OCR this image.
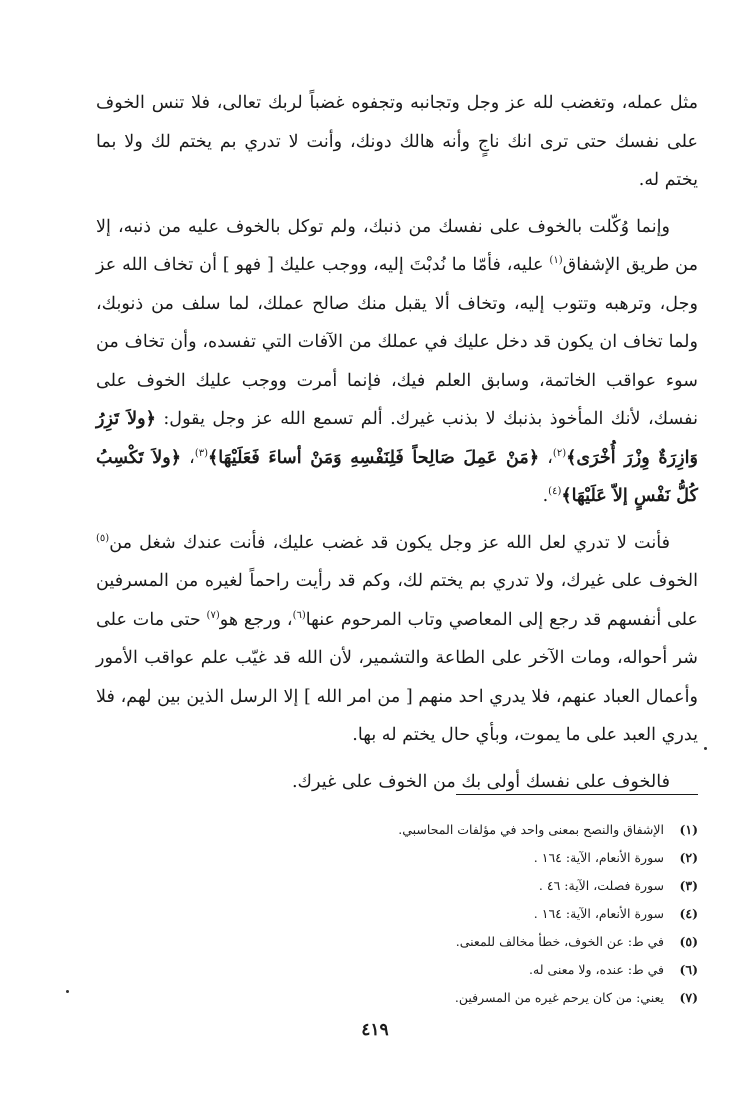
مثل عمله، وتغضب لله عز وجل وتجانبه وتجفوه غضباً لربك تعالى، فلا تنس الخوف على نفسك حتى ترى انك ناجٍ وأنه هالك دونك، وأنت لا تدري بم يختم لك ولا بما يختم له.

وإنما وُكّلت بالخوف على نفسك من ذنبك، ولم توكل بالخوف عليه من ذنبه، إلا من طريق الإشفاق$^{(١)}$ عليه، فأمّا ما نُدبْتَ إليه، ووجب عليك [ فهو ] أن تخاف الله عز وجل، وترهبه وتتوب إليه، وتخاف ألا يقبل منك صالح عملك، لما سلف من ذنوبك، ولما تخاف ان يكون قد دخل عليك في عملك من الآفات التي تفسده، وأن تخاف من سوء عواقب الخاتمة، وسابق العلم فيك، فإنما أمرت ووجب عليك الخوف على نفسك، لأنك المأخوذ بذنبك لا بذنب غيرك. ألم تسمع الله عز وجل يقول: ﴿ولاَ تَزِرُ وَازِرَةٌ وِزْرَ أُخْرَى﴾$^{(٢)}$، ﴿مَنْ عَمِلَ صَالِحاً فَلِنَفْسِهِ وَمَنْ أساءَ فَعَلَيْهَا﴾$^{(٣)}$، ﴿ولاَ تَكْسِبُ كُلُّ نَفْسٍ إلاّ عَلَيْهَا﴾$^{(٤)}$.

فأنت لا تدري لعل الله عز وجل يكون قد غضب عليك، فأنت عندك شغل من$^{(٥)}$ الخوف على غيرك، ولا تدري بم يختم لك، وكم قد رأيت راحماً لغيره من المسرفين على أنفسهم قد رجع إلى المعاصي وتاب المرحوم عنها$^{(٦)}$، ورجع هو$^{(٧)}$ حتى مات على شر أحواله، ومات الآخر على الطاعة والتشمير، لأن الله قد غيّب علم عواقب الأمور وأعمال العباد عنهم، فلا يدري احد منهم [ من امر الله ] إلا الرسل الذين بين لهم، فلا يدري العبد على ما يموت، وبأي حال يختم له بها.

فالخوف على نفسك أولى بك من الخوف على غيرك.

(١) الإشفاق والنصح بمعنى واحد في مؤلفات المحاسبي.
(٢) سورة الأنعام، الآية: ١٦٤ .
(٣) سورة فصلت، الآية: ٤٦ .
(٤) سورة الأنعام، الآية: ١٦٤ .
(٥) في ط: عن الخوف، خطأ مخالف للمعنى.
(٦) في ط: عنده، ولا معنى له.
(٧) يعني: من كان يرحم غيره من المسرفين.
٤١٩
